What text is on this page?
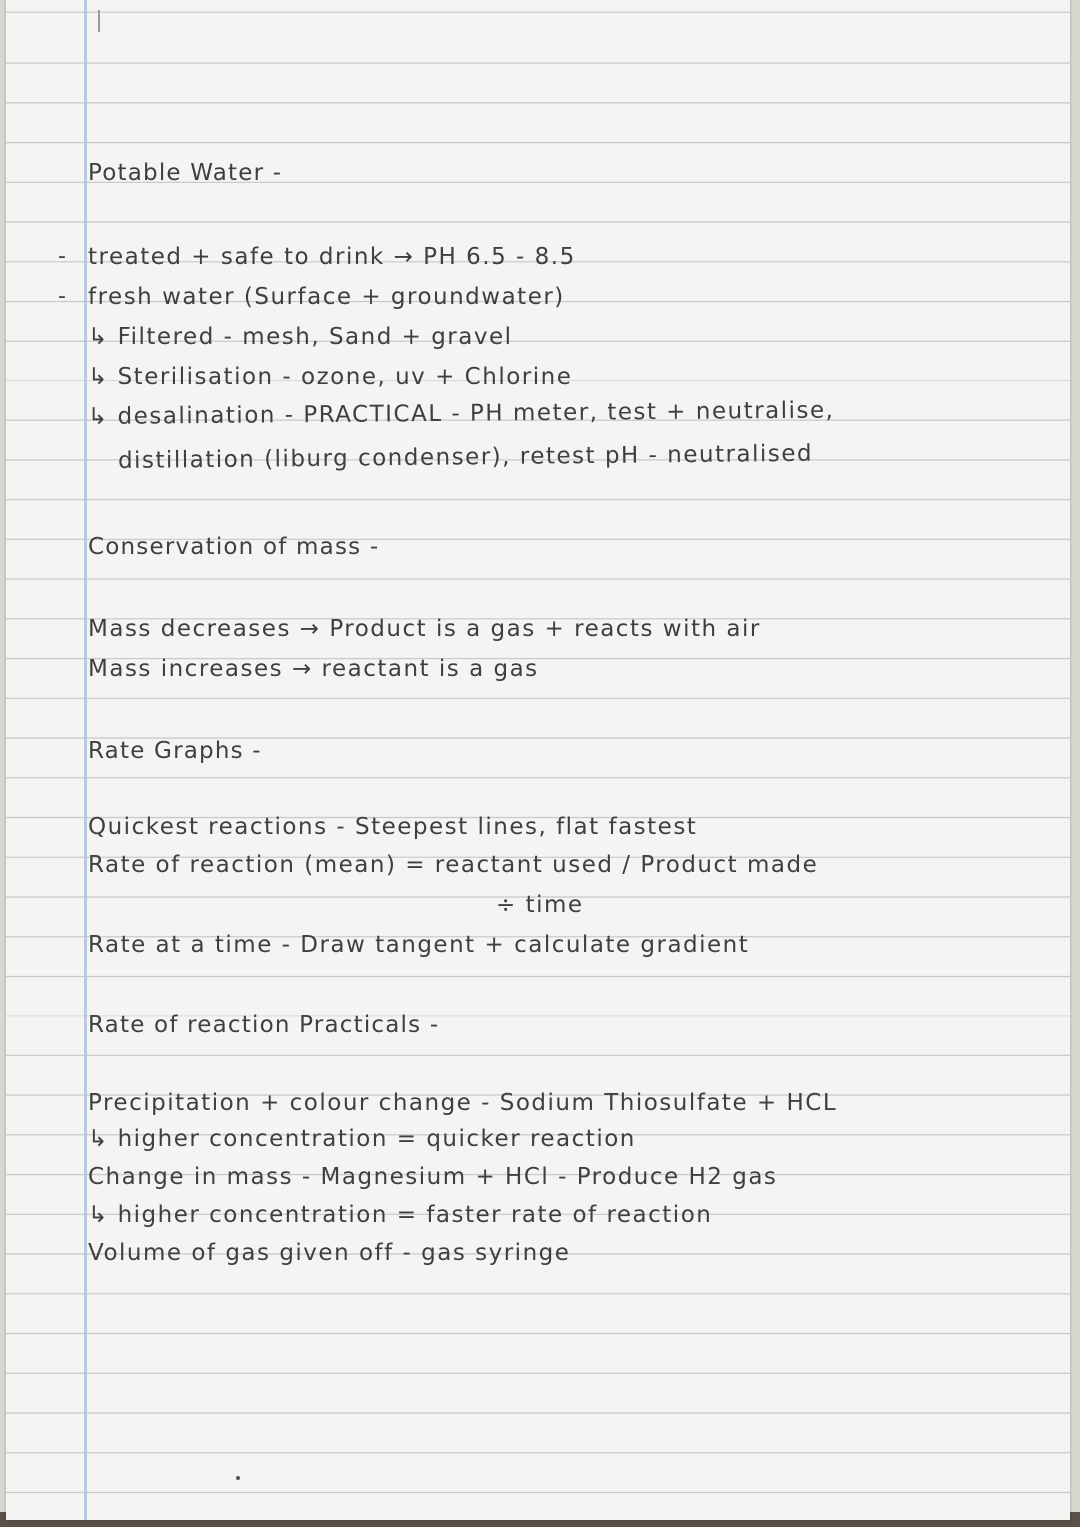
Potable Water -
-
-
treated + safe to drink → PH 6.5 - 8.5
fresh water (Surface + groundwater)
↳ Filtered - mesh, Sand + gravel
↳ Sterilisation - ozone, uv + Chlorine
↳ desalination - PRACTICAL - PH meter, test + neutralise,
distillation (liburg condenser), retest pH - neutralised
Conservation of mass -
Mass decreases → Product is a gas + reacts with air
Mass increases → reactant is a gas
Rate Graphs -
Quickest reactions - Steepest lines, flat fastest
Rate of reaction (mean) = reactant used / Product made
÷ time
Rate at a time - Draw tangent + calculate gradient
Rate of reaction Practicals -
Precipitation + colour change - Sodium Thiosulfate + HCL
↳ higher concentration = quicker reaction
Change in mass - Magnesium + HCl - Produce H2 gas
↳ higher concentration = faster rate of reaction
Volume of gas given off - gas syringe
